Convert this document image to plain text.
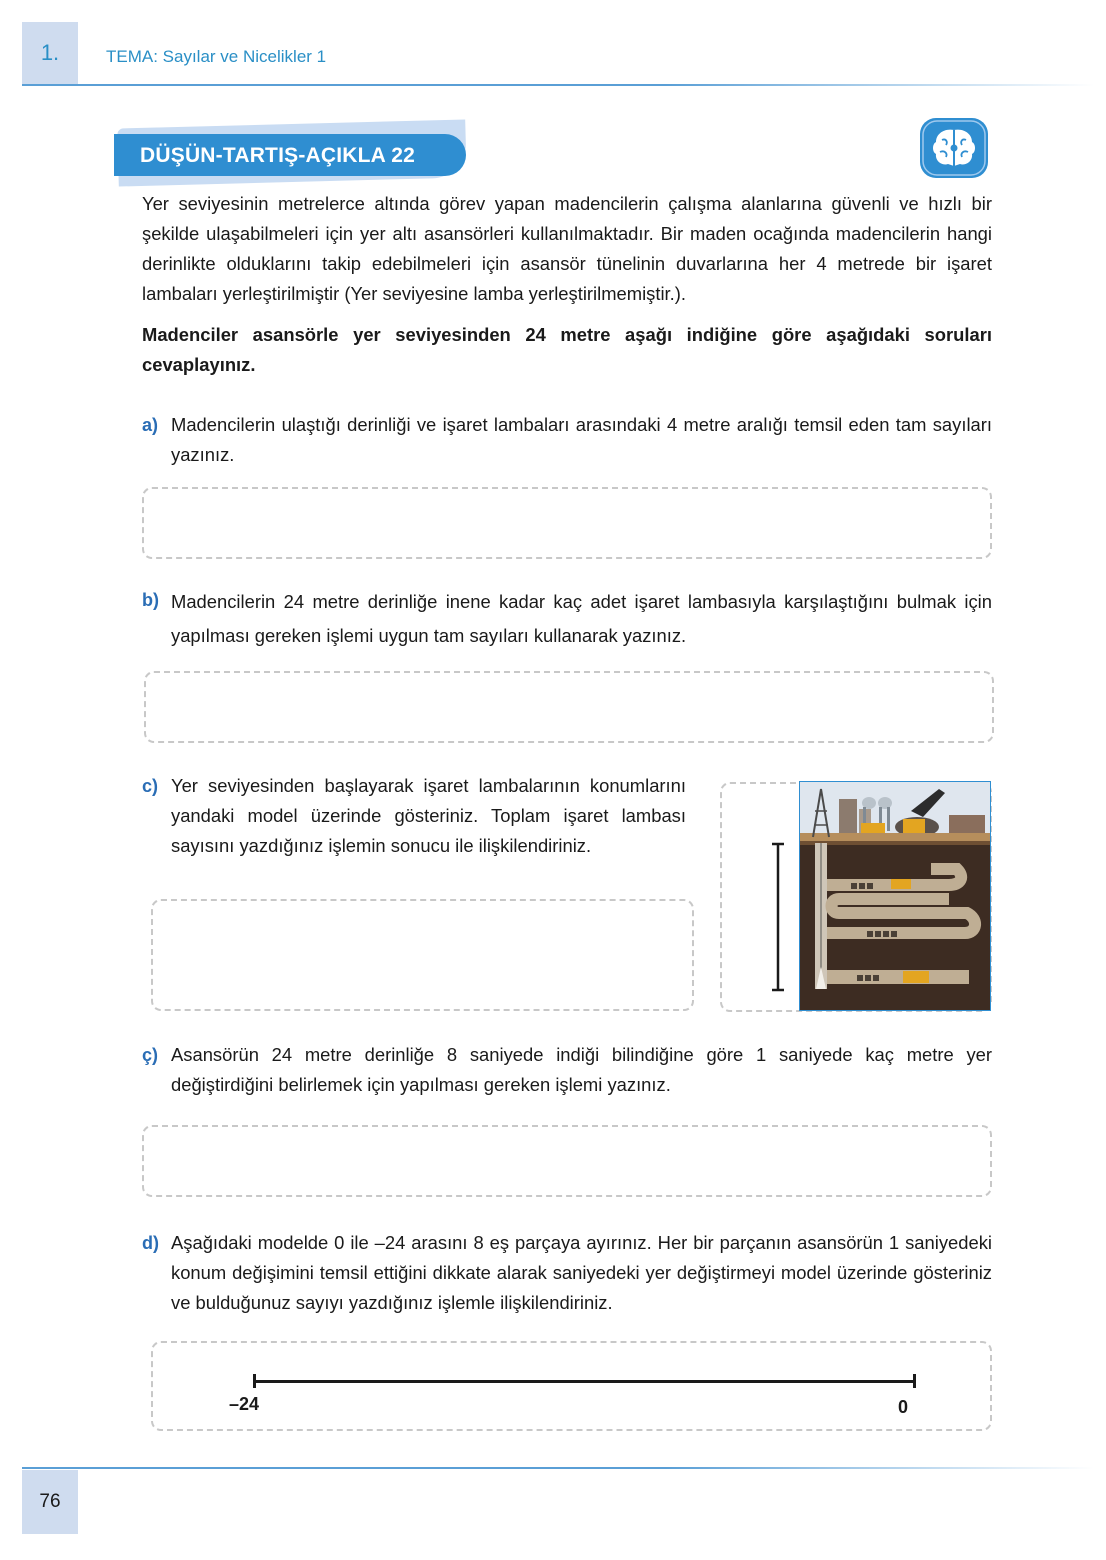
1.	TEMA: Sayılar ve Nicelikler 1
DÜŞÜN-TARTIŞ-AÇIKLA 22
Yer seviyesinin metrelerce altında görev yapan madencilerin çalışma alanlarına güvenli ve hızlı bir şekilde ulaşabilmeleri için yer altı asansörleri kullanılmaktadır. Bir maden ocağında madencilerin hangi derinlikte olduklarını takip edebilmeleri için asansör tünelinin duvarlarına her 4 metrede bir işaret lambaları yerleştirilmiştir (Yer seviyesine lamba yerleştirilmemiştir.).
Madenciler asansörle yer seviyesinden 24 metre aşağı indiğine göre aşağıdaki soruları cevaplayınız.
a) Madencilerin ulaştığı derinliği ve işaret lambaları arasındaki 4 metre aralığı temsil eden tam sayıları yazınız.
b) Madencilerin 24 metre derinliğe inene kadar kaç adet işaret lambasıyla karşılaştığını bulmak için yapılması gereken işlemi uygun tam sayıları kullanarak yazınız.
c) Yer seviyesinden başlayarak işaret lambalarının konumlarını yandaki model üzerinde gösteriniz. Toplam işaret lambası sayısını yazdığınız işlemin sonucu ile ilişkilendiriniz.
ç) Asansörün 24 metre derinliğe 8 saniyede indiği bilindiğine göre 1 saniyede kaç metre yer değiştirdiğini belirlemek için yapılması gereken işlemi yazınız.
d) Aşağıdaki modelde 0 ile –24 arasını 8 eş parçaya ayırınız. Her bir parçanın asansörün 1 saniyedeki konum değişimini temsil ettiğini dikkate alarak saniyedeki yer değiştirmeyi model üzerinde gösteriniz ve bulduğunuz sayıyı yazdığınız işlemle ilişkilendiriniz.
–24	0
76
